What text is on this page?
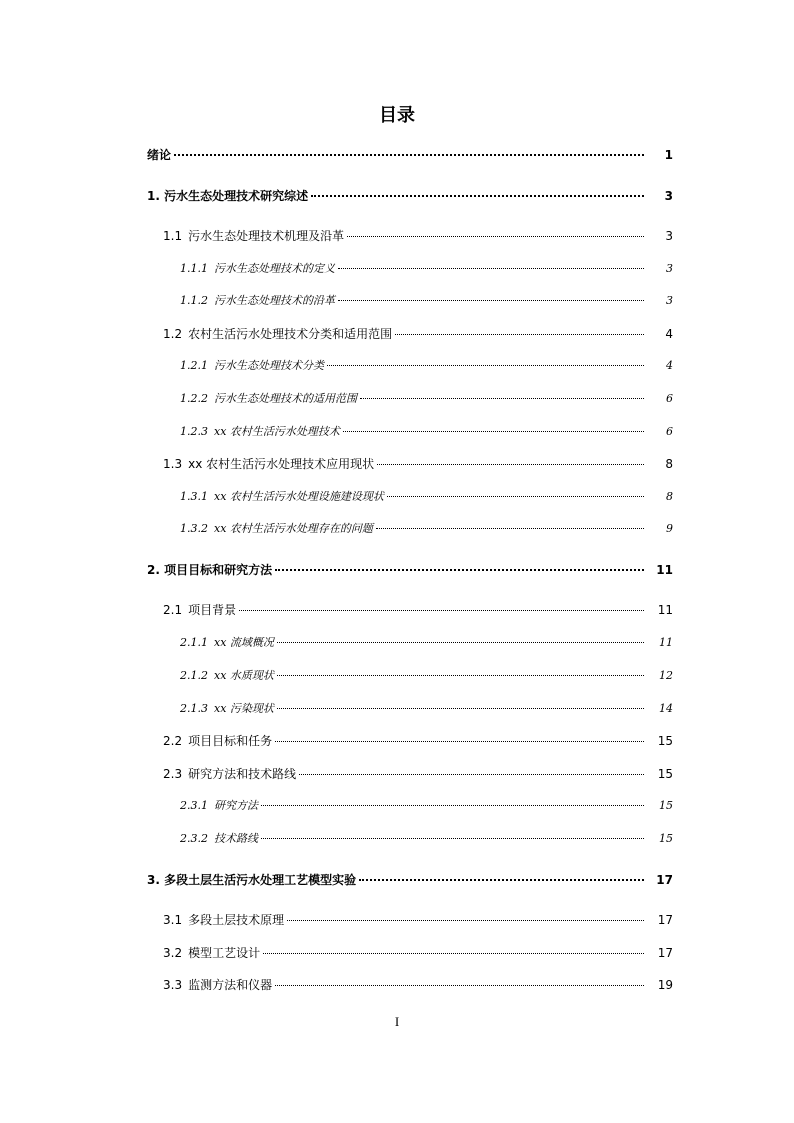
目录
绪论	1
1. 污水生态处理技术研究综述	3
1.1 污水生态处理技术机理及沿革	3
1.1.1 污水生态处理技术的定义	3
1.1.2 污水生态处理技术的沿革	3
1.2 农村生活污水处理技术分类和适用范围	4
1.2.1 污水生态处理技术分类	4
1.2.2 污水生态处理技术的适用范围	6
1.2.3 xx 农村生活污水处理技术	6
1.3 xx 农村生活污水处理技术应用现状	8
1.3.1 xx 农村生活污水处理设施建设现状	8
1.3.2 xx 农村生活污水处理存在的问题	9
2. 项目目标和研究方法	11
2.1 项目背景	11
2.1.1 xx 流域概况	11
2.1.2 xx 水质现状	12
2.1.3 xx 污染现状	14
2.2 项目目标和任务	15
2.3 研究方法和技术路线	15
2.3.1 研究方法	15
2.3.2 技术路线	15
3. 多段土层生活污水处理工艺模型实验	17
3.1 多段土层技术原理	17
3.2 模型工艺设计	17
3.3 监测方法和仪器	19
I
